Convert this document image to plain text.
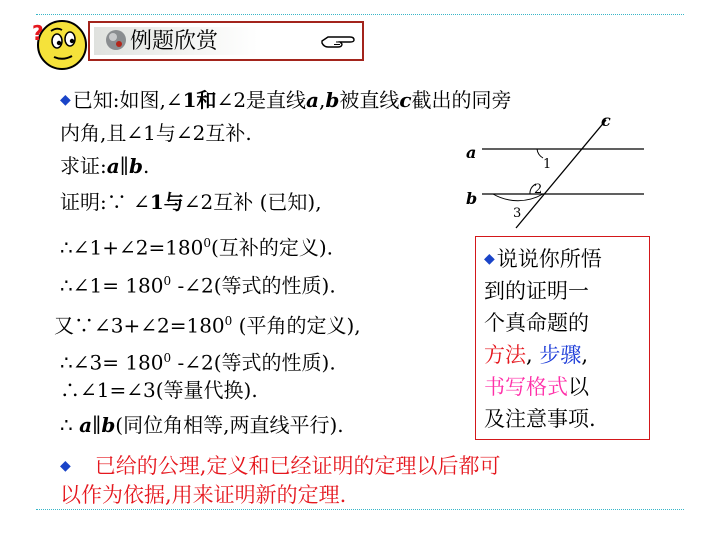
?	例题欣赏
◆ 已知:如图,∠1和∠2是直线a,b被直线c截出的同旁
内角,且∠1与∠2互补.
求证:a∥b.
证明:∵ ∠1与∠2互补 (已知),
$\therefore\angle 1+\angle 2=180^0$(互补的定义).
∴∠1= $180^0$ -∠2(等式的性质).
又$\because\angle 3+\angle 2=180^0$ (平角的定义),
∴∠3= $180^0$ -∠2(等式的性质).
∴∠1=∠3(等量代换).
∴ a∥b(同位角相等,两直线平行).
a
b
c
1
2
3
◆说说你所悟
到的证明一
个真命题的
方法, 步骤,
书写格式以
及注意事项.
◆ 已给的公理,定义和已经证明的定理以后都可
以作为依据,用来证明新的定理.
